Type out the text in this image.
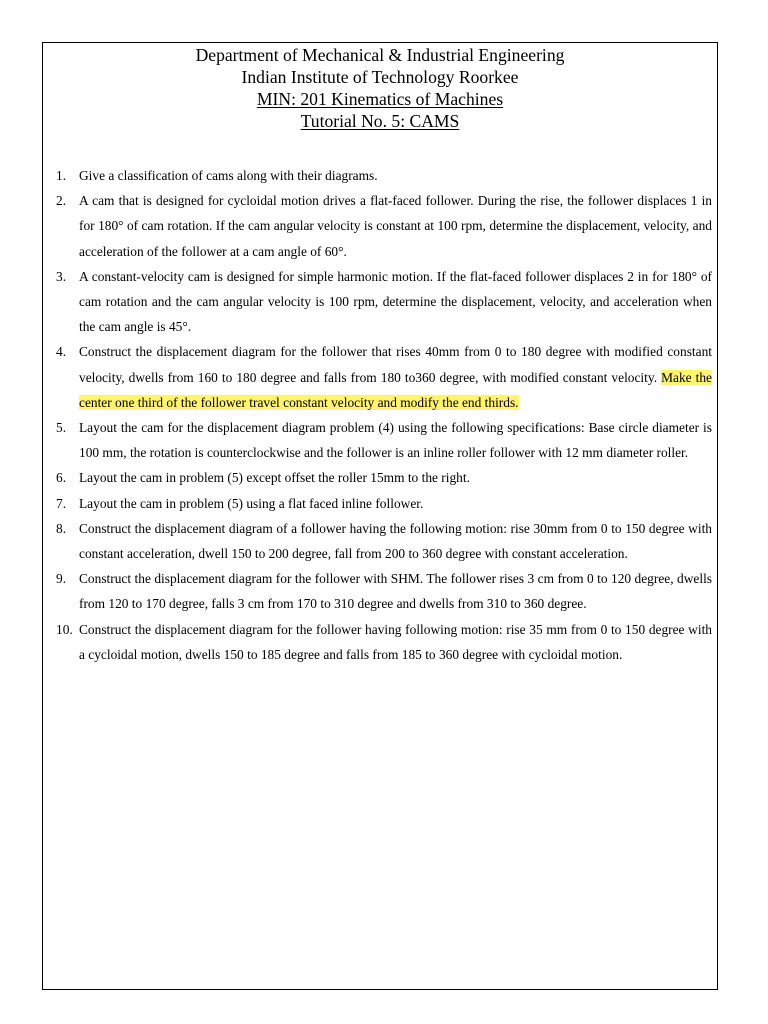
Department of Mechanical & Industrial Engineering
Indian Institute of Technology Roorkee
MIN: 201 Kinematics of Machines
Tutorial No. 5: CAMS
1. Give a classification of cams along with their diagrams.
2. A cam that is designed for cycloidal motion drives a flat-faced follower. During the rise, the follower displaces 1 in for 180° of cam rotation. If the cam angular velocity is constant at 100 rpm, determine the displacement, velocity, and acceleration of the follower at a cam angle of 60°.
3. A constant-velocity cam is designed for simple harmonic motion. If the flat-faced follower displaces 2 in for 180° of cam rotation and the cam angular velocity is 100 rpm, determine the displacement, velocity, and acceleration when the cam angle is 45°.
4. Construct the displacement diagram for the follower that rises 40mm from 0 to 180 degree with modified constant velocity, dwells from 160 to 180 degree and falls from 180 to360 degree, with modified constant velocity. Make the center one third of the follower travel constant velocity and modify the end thirds.
5. Layout the cam for the displacement diagram problem (4) using the following specifications: Base circle diameter is 100 mm, the rotation is counterclockwise and the follower is an inline roller follower with 12 mm diameter roller.
6. Layout the cam in problem (5) except offset the roller 15mm to the right.
7. Layout the cam in problem (5) using a flat faced inline follower.
8. Construct the displacement diagram of a follower having the following motion: rise 30mm from 0 to 150 degree with constant acceleration, dwell 150 to 200 degree, fall from 200 to 360 degree with constant acceleration.
9. Construct the displacement diagram for the follower with SHM. The follower rises 3 cm from 0 to 120 degree, dwells from 120 to 170 degree, falls 3 cm from 170 to 310 degree and dwells from 310 to 360 degree.
10. Construct the displacement diagram for the follower having following motion: rise 35 mm from 0 to 150 degree with a cycloidal motion, dwells 150 to 185 degree and falls from 185 to 360 degree with cycloidal motion.
